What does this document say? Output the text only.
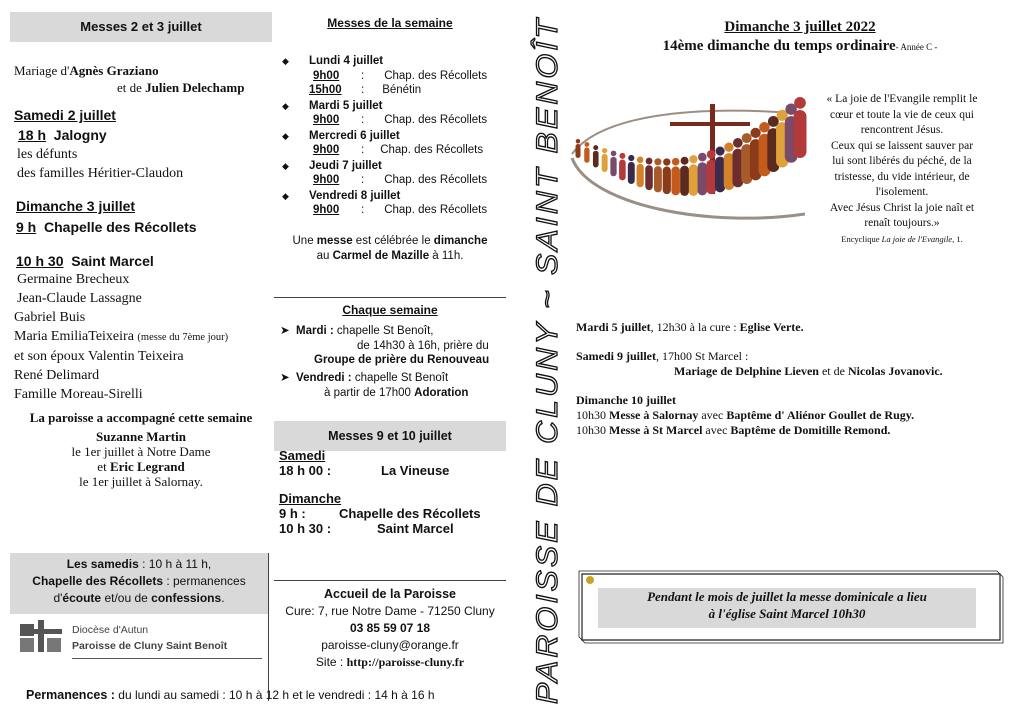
Messes 2 et 3 juillet
Mariage d'Agnès Graziano
et de Julien Delechamp
Samedi 2 juillet
18 h Jalogny
les défunts
des familles Héritier-Claudon
Dimanche 3 juillet
9 h Chapelle des Récollets
10 h 30 Saint Marcel
Germaine Brecheux
Jean-Claude Lassagne
Gabriel Buis
Maria EmiliaTeixeira (messe du 7ème jour)
et son époux Valentin Teixeira
René Delimard
Famille Moreau-Sirelli
La paroisse a accompagné cette semaine
Suzanne Martin
le 1er juillet à Notre Dame
et Eric Legrand
le 1er juillet à Salornay.
Les samedis : 10 h à 11 h,
Chapelle des Récollets : permanences
d'écoute et/ou de confessions.
Diocèse d'Autun
Paroisse de Cluny Saint Benoît
Permanences : du lundi au samedi : 10 h à 12 h et le vendredi : 14 h à 16 h
Messes de la semaine
◆	Lundi 4 juillet
9h00 : Chap. des Récollets
15h00 : Bénétin
◆	Mardi 5 juillet
9h00 : Chap. des Récollets
◆	Mercredi 6 juillet
9h00 : Chap. des Récollets
◆	Jeudi 7 juillet
9h00 : Chap. des Récollets
◆	Vendredi 8 juillet
9h00 : Chap. des Récollets
Une messe est célébrée le dimanche
au Carmel de Mazille à 11h.
Chaque semaine
➤ Mardi : chapelle St Benoît,
de 14h30 à 16h, prière du
Groupe de prière du Renouveau
➤ Vendredi : chapelle St Benoît
à partir de 17h00 Adoration
Messes 9 et 10 juillet
Samedi
18 h 00 :	La Vineuse
Dimanche
9 h :	Chapelle des Récollets
10 h 30 :	Saint Marcel
Accueil de la Paroisse
Cure: 7, rue Notre Dame - 71250 Cluny
03 85 59 07 18
paroisse-cluny@orange.fr
Site : http://paroisse-cluny.fr	PAROISSE DE CLUNY ~ SAINT BENOÎT
Dimanche 3 juillet 2022
14ème dimanche du temps ordinaire- Année C -
« La joie de l'Evangile remplit le
cœur et toute la vie de ceux qui
rencontrent Jésus.
Ceux qui se laissent sauver par
lui sont libérés du péché, de la
tristesse, du vide intérieur, de
l'isolement.
Avec Jésus Christ la joie naît et
renaît toujours.»
Encyclique La joie de l'Evangile, 1.
Mardi 5 juillet, 12h30 à la cure : Eglise Verte.
Samedi 9 juillet, 17h00 St Marcel :
Mariage de Delphine Lieven et de Nicolas Jovanovic.
Dimanche 10 juillet
10h30 Messe à Salornay avec Baptême d' Aliénor Goullet de Rugy.
10h30 Messe à St Marcel avec Baptême de Domitille Remond.
Pendant le mois de juillet la messe dominicale a lieu
à l'église Saint Marcel 10h30
